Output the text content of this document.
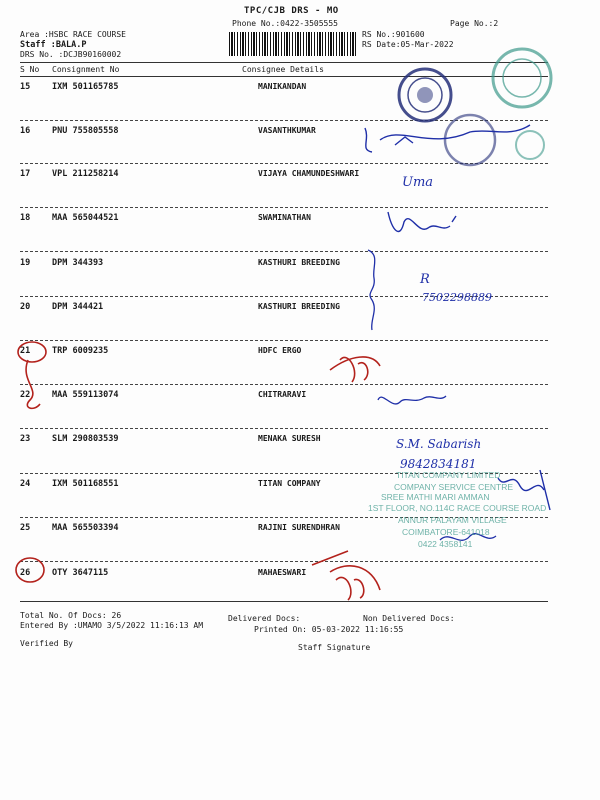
TPC/CJB DRS - MO
Phone No.:0422-3505555	Page No.:2
Area :HSBC RACE COURSE
Staff :BALA.P
DRS No. :DCJB90160002
RS No.:901600
RS Date:05-Mar-2022
S No Consignment No	Consignee Details
15	IXM 501165785	MANIKANDAN
16	PNU 755805558	VASANTHKUMAR
17	VPL 211258214	VIJAYA CHAMUNDESHWARI
18	MAA 565044521	SWAMINATHAN
19	DPM 344393	KASTHURI BREEDING
20	DPM 344421	KASTHURI BREEDING
21	TRP 6009235	HDFC ERGO
22	MAA 559113074	CHITRARAVI
23	SLM 290803539	MENAKA SURESH
24	IXM 501168551	TITAN COMPANY
25	MAA 565503394	RAJINI SURENDHRAN
26	OTY 3647115	MAHAESWARI
Total No. Of Docs: 26	Delivered Docs:	Non Delivered Docs:
Entered By :UMAMO 3/5/2022 11:16:13 AM	Printed On: 05-03-2022 11:16:55
Verified By	Staff Signature
TITAN COMPANY LIMITED
COMPANY SERVICE CENTRE
SREE MATHI MARI AMMAN
1ST FLOOR, NO.114C RACE COURSE ROAD
ANNUR PALAYAM VILLAGE
COIMBATORE-641018
0422 4358141
Uma
R
7502298889
S.M. Sabarish
9842834181
